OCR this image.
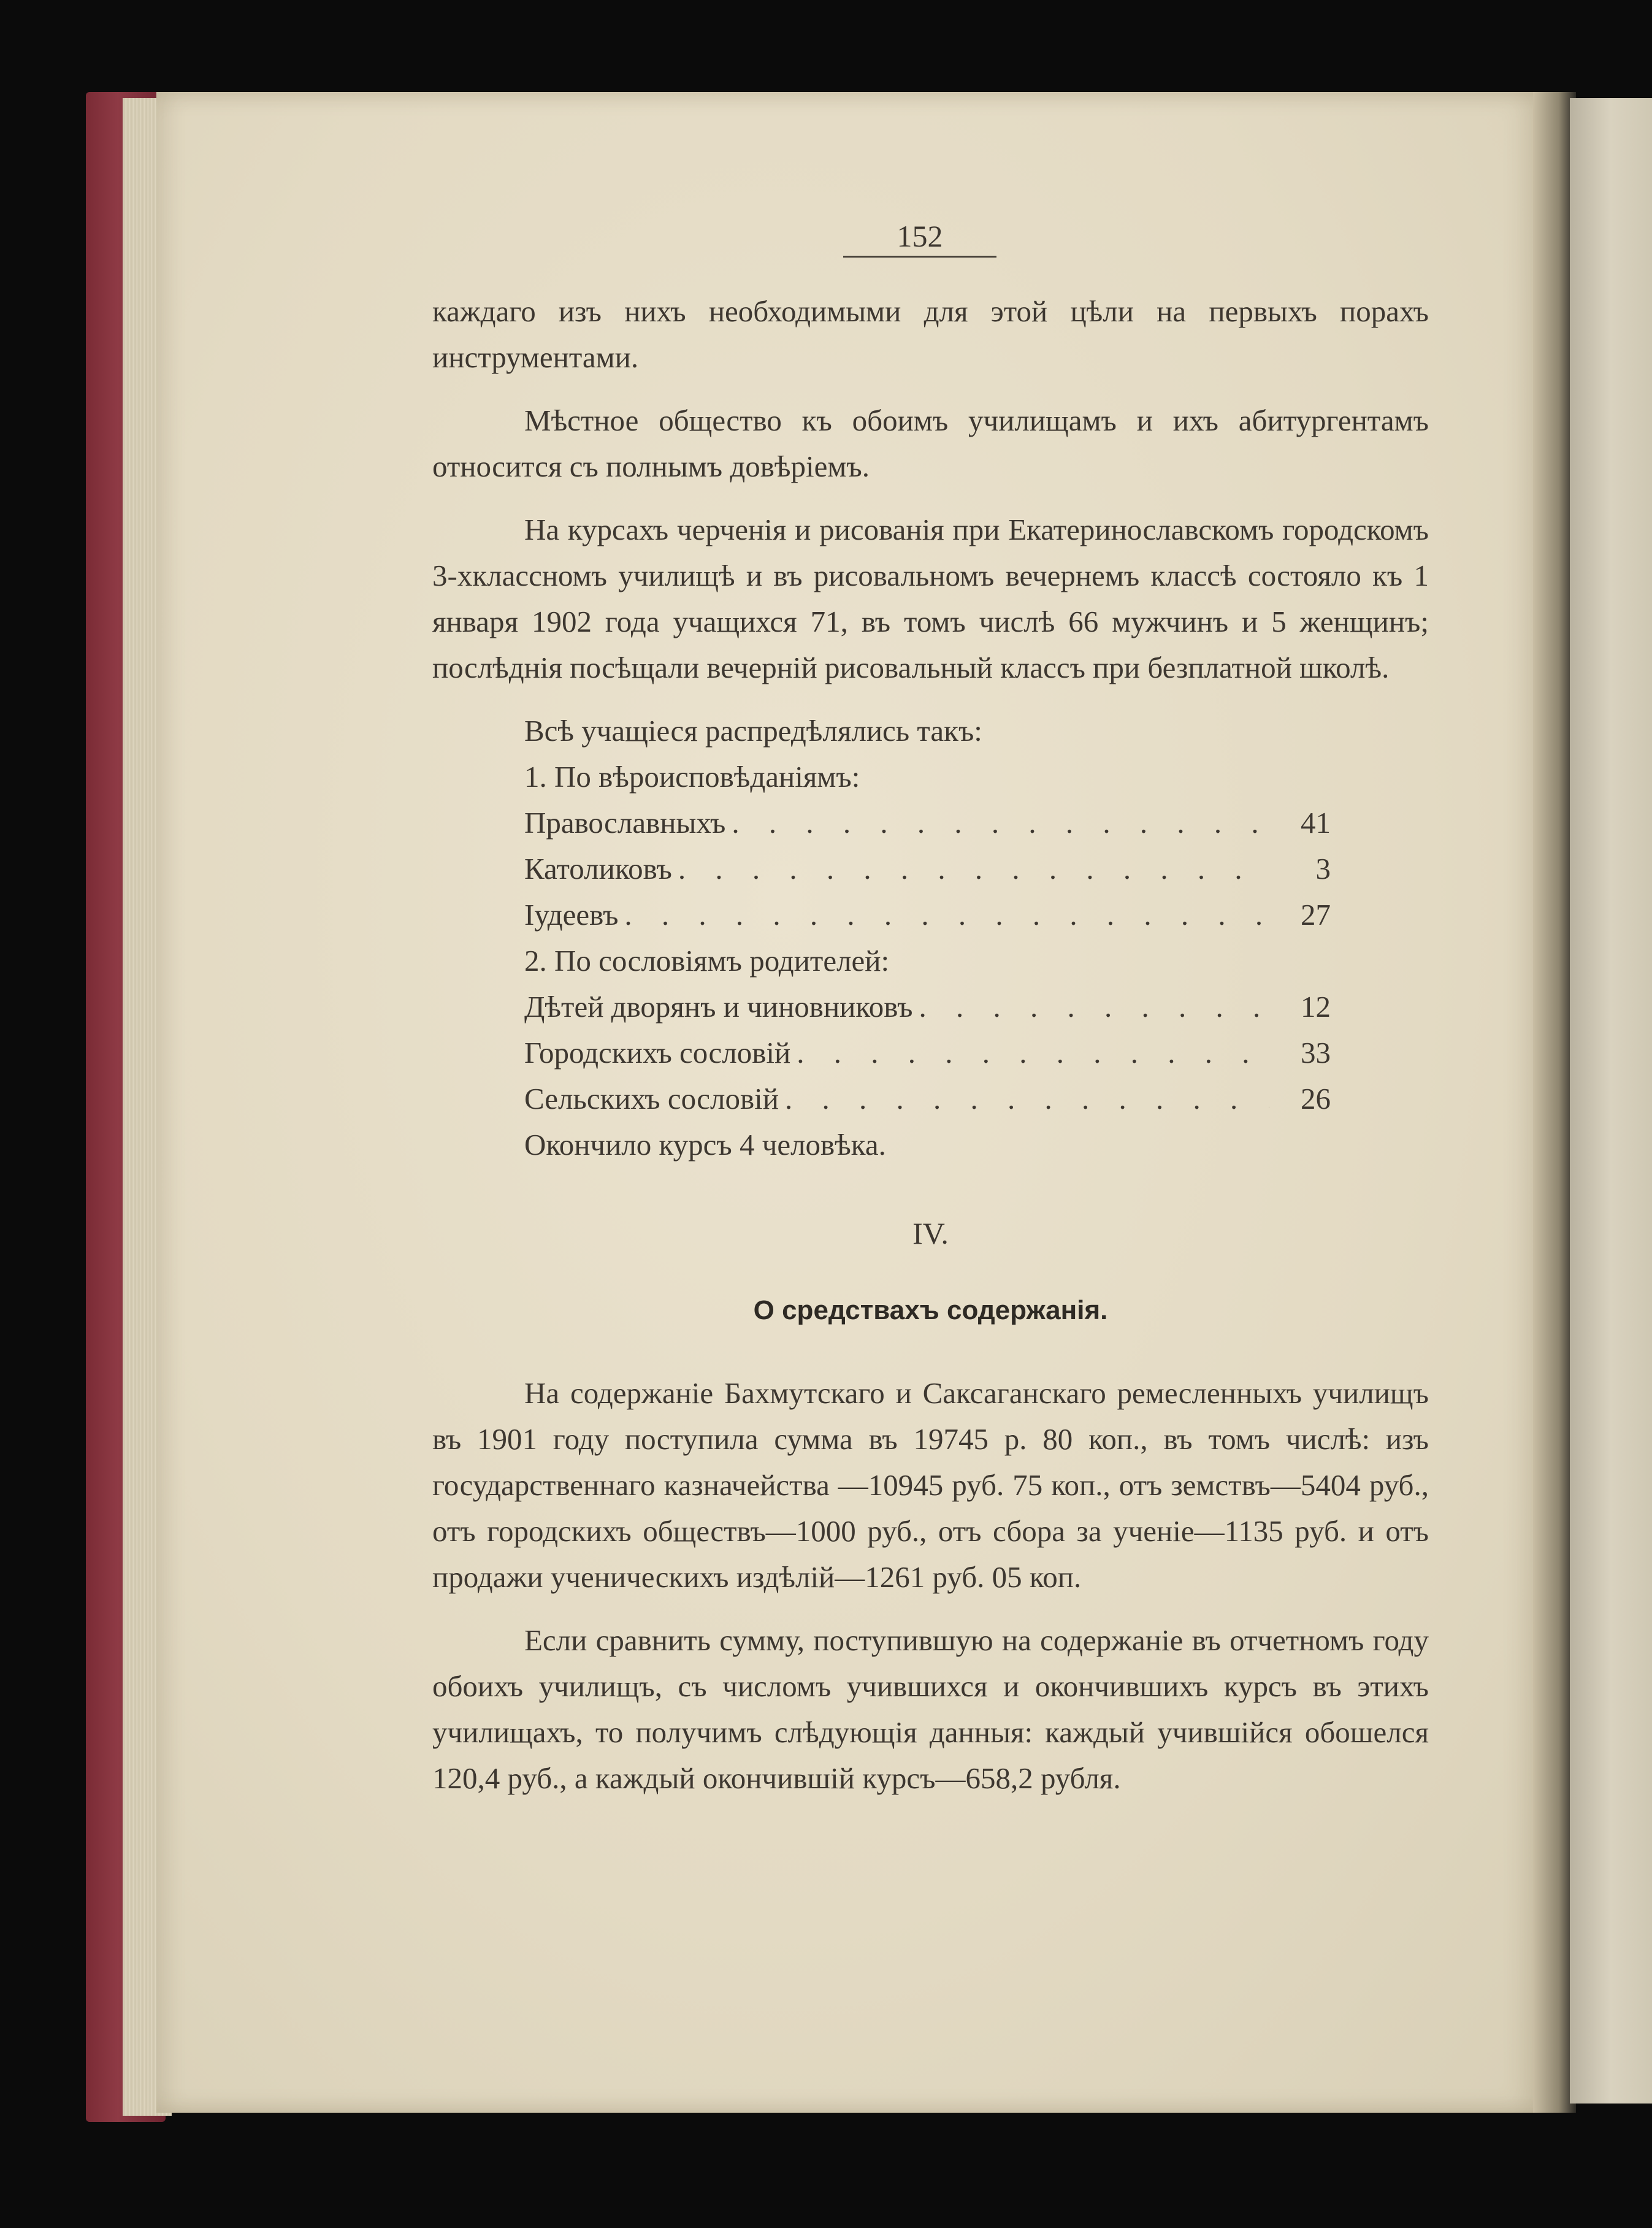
152

каждаго изъ нихъ необходимыми для этой цѣли на первыхъ порахъ инструментами.

Мѣстное общество къ обоимъ училищамъ и ихъ абитургентамъ относится съ полнымъ довѣріемъ.

На курсахъ черченія и рисованія при Екатеринославскомъ городскомъ 3-хклассномъ училищѣ и въ рисовальномъ вечернемъ классѣ состояло къ 1 января 1902 года учащихся 71, въ томъ числѣ 66 мужчинъ и 5 женщинъ; послѣднія посѣщали вечерній рисовальный классъ при безплатной школѣ.

Всѣ учащіеся распредѣлялись такъ:

1. По вѣроисповѣданіямъ:
Православныхъ . . .	41
Католиковъ . . .	3
Іудеевъ . . .	27
2. По сословіямъ родителей:
Дѣтей дворянъ и чиновниковъ . . .	12
Городскихъ сословій . . .	33
Сельскихъ сословій . . .	26
Окончило курсъ 4 человѣка.
IV.
О средствахъ содержанія.

На содержаніе Бахмутскаго и Саксаганскаго ремесленныхъ училищъ въ 1901 году поступила сумма въ 19745 р. 80 коп., въ томъ числѣ: изъ государственнаго казначейства —10945 руб. 75 коп., отъ земствъ—5404 руб., отъ городскихъ обществъ—1000 руб., отъ сбора за ученіе—1135 руб. и отъ продажи ученическихъ издѣлій—1261 руб. 05 коп.

Если сравнить сумму, поступившую на содержаніе въ отчетномъ году обоихъ училищъ, съ числомъ учившихся и окончившихъ курсъ въ этихъ училищахъ, то получимъ слѣдующія данныя: каждый учившійся обошелся 120,4 руб., а каждый окончившій курсъ—658,2 рубля.
